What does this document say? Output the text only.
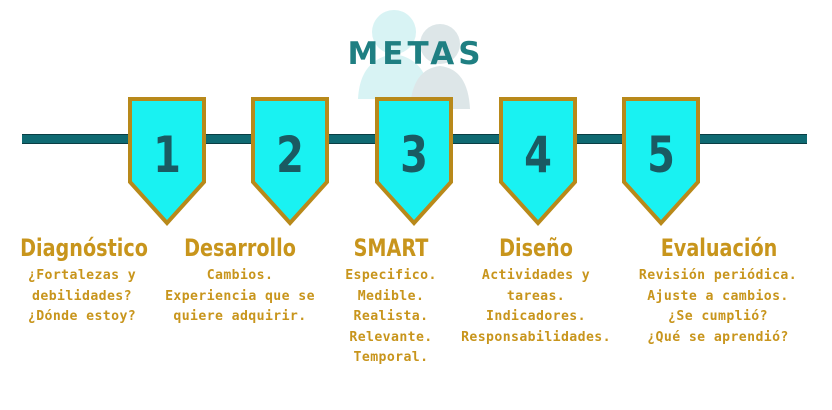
METAS
1	2	3	4	5
Diagnóstico	Desarrollo	SMART	Diseño	Evaluación
¿Fortalezas y
debilidades?
¿Dónde estoy?
Cambios.
Experiencia que se
quiere adquirir.
Especifico.
Medible.
Realista.
Relevante.
Temporal.
Actividades y
tareas.
Indicadores.
Responsabilidades.
Revisión periódica.
Ajuste a cambios.
¿Se cumplió?
¿Qué se aprendió?
